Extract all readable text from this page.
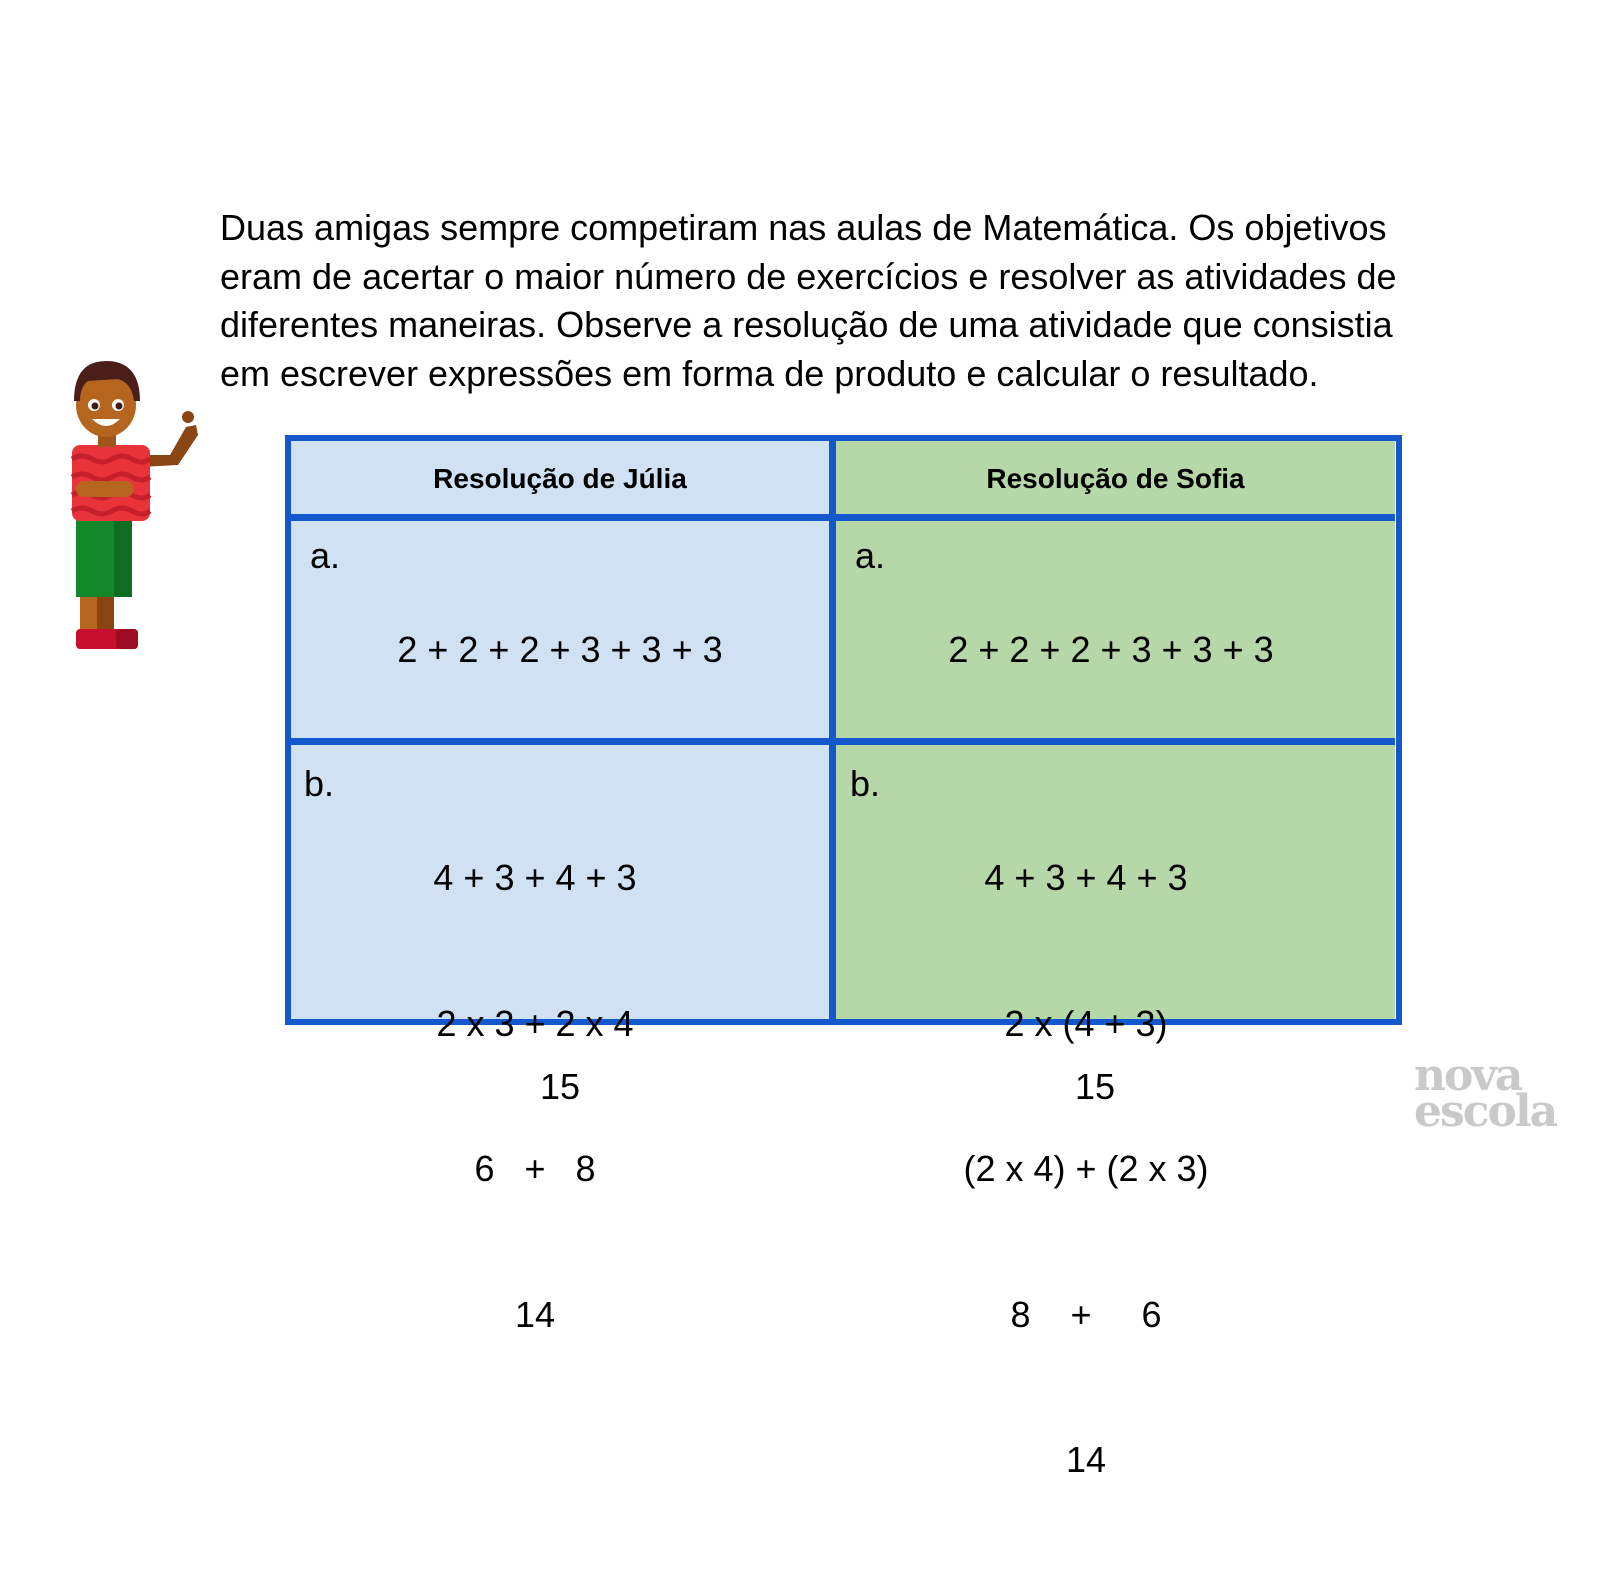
Duas amigas sempre competiram nas aulas de Matemática. Os objetivos
eram de acertar o maior número de exercícios e resolver as atividades de
diferentes maneiras. Observe a resolução de uma atividade que consistia
em escrever expressões em forma de produto e calcular o resultado.

Resolução de Júlia	Resolução de Sofia
a.

2 + 2 + 2 + 3 + 3 + 3

15

a.

2 + 2 + 2 + 3 + 3 + 3

15

b.

4 + 3 + 4 + 3

2 x 3 + 2 x 4

6   +   8

14

b.

4 + 3 + 4 + 3

2 x (4 + 3)

(2 x 4) + (2 x 3)

8    +     6

14

nova
escola
